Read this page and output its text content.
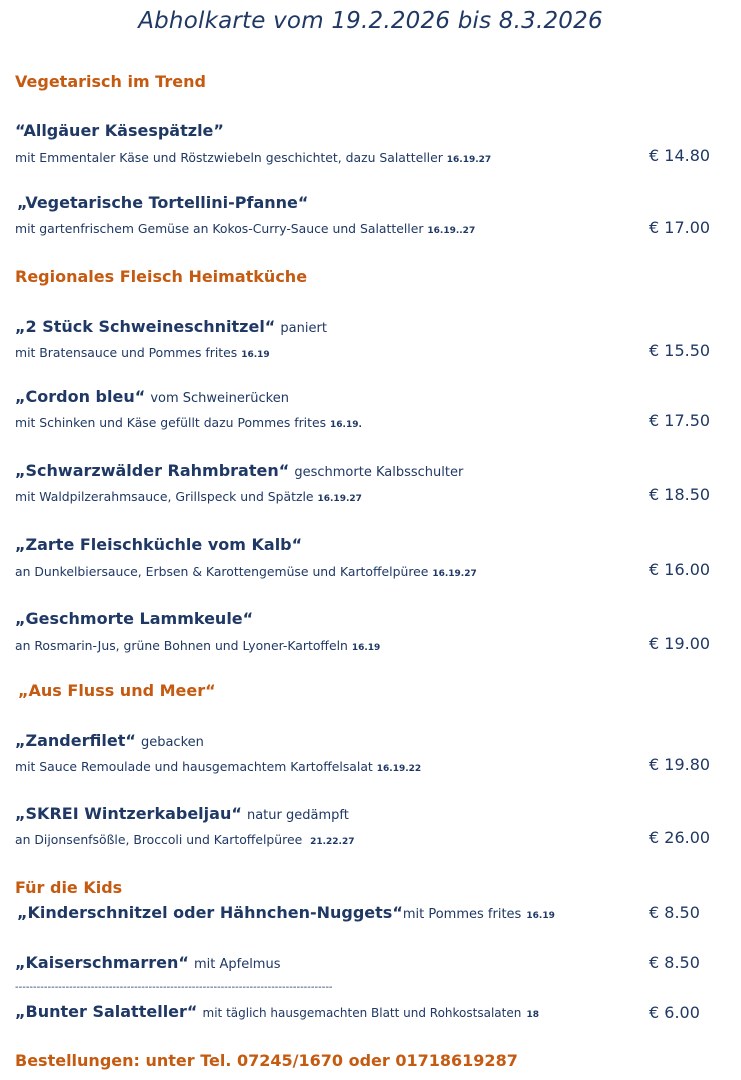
Abholkarte vom 19.2.2026 bis 8.3.2026
Vegetarisch im Trend
“Allgäuer Käsespätzle”
mit Emmentaler Käse und Röstzwiebeln geschichtet, dazu Salatteller 16.19.27	€ 14.80
„Vegetarische Tortellini-Pfanne“
mit gartenfrischem Gemüse an Kokos-Curry-Sauce und Salatteller 16.19..27	€ 17.00
Regionales Fleisch Heimatküche
„2 Stück Schweineschnitzel“ paniert
mit Bratensauce und Pommes frites 16.19	€ 15.50
„Cordon bleu“ vom Schweinerücken
mit Schinken und Käse gefüllt dazu Pommes frites 16.19.	€ 17.50
„Schwarzwälder Rahmbraten“ geschmorte Kalbsschulter
mit Waldpilzerahmsauce, Grillspeck und Spätzle 16.19.27	€ 18.50
„Zarte Fleischküchle vom Kalb“
an Dunkelbiersauce, Erbsen & Karottengemüse und Kartoffelpüree 16.19.27	€ 16.00
„Geschmorte Lammkeule“
an Rosmarin-Jus, grüne Bohnen und Lyoner-Kartoffeln 16.19	€ 19.00
„Aus Fluss und Meer“
„Zanderfilet“ gebacken
mit Sauce Remoulade und hausgemachtem Kartoffelsalat 16.19.22	€ 19.80
„SKREI Wintzerkabeljau“ natur gedämpft
an Dijonsenfsößle, Broccoli und Kartoffelpüree 21.22.27	€ 26.00
Für die Kids
„Kinderschnitzel oder Hähnchen-Nuggets“mit Pommes frites 16.19	€ 8.50
„Kaiserschmarren“ mit Apfelmus	€ 8.50
----------------------------------------------------------------------------------------
„Bunter Salatteller“ mit täglich hausgemachten Blatt und Rohkostsalaten 18	€ 6.00
Bestellungen: unter Tel. 07245/1670 oder 01718619287
